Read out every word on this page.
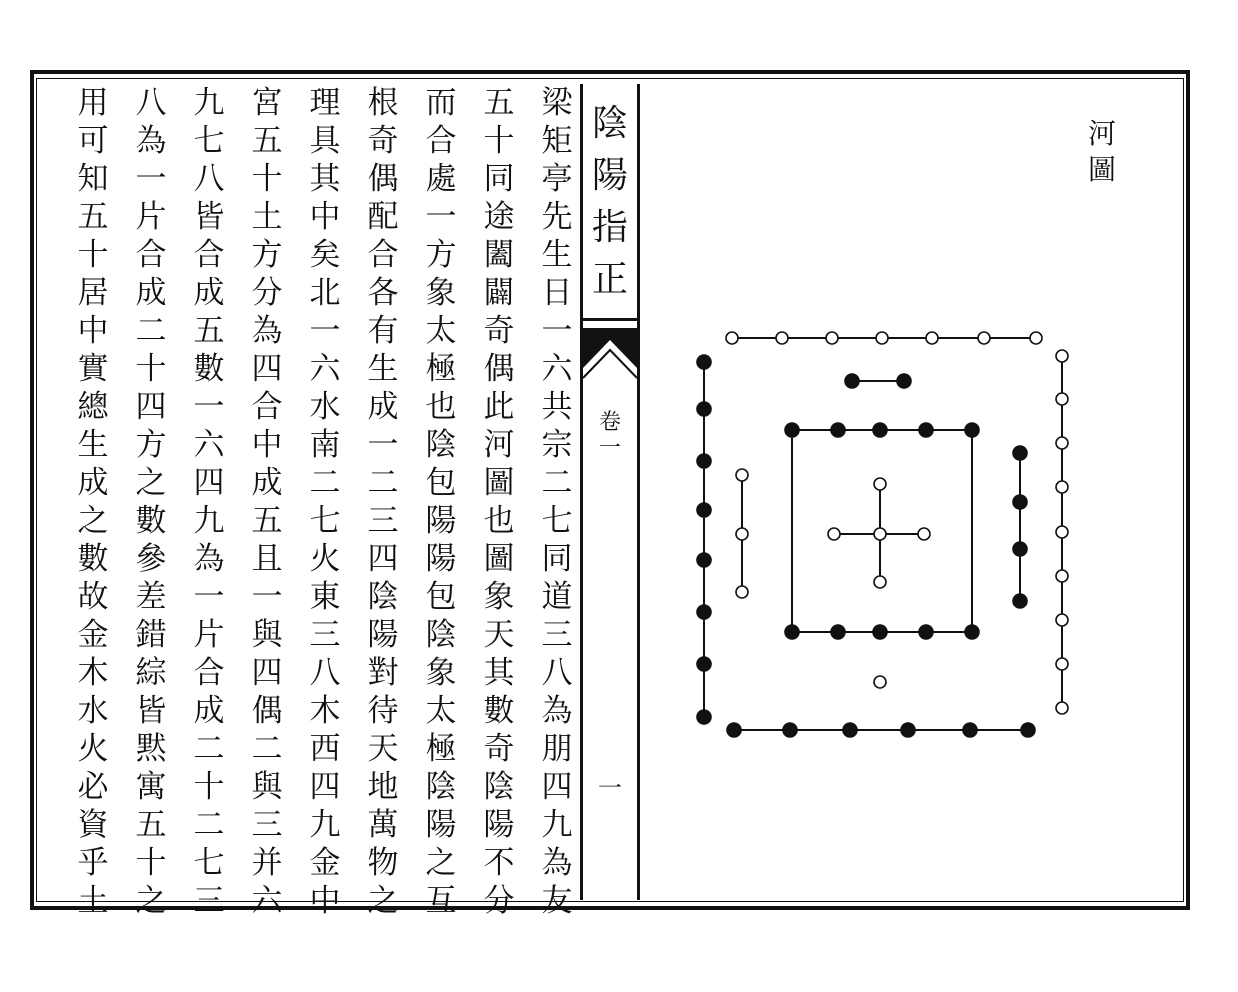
梁
矩
亭
先
生
日
一
六
共
宗
二
七
同
道
三
八
為
朋
四
九
為
友
五
十
同
途
闔
闢
奇
偶
此
河
圖
也
圖
象
天
其
數
奇
陰
陽
不
分
而
合
處
一
方
象
太
極
也
陰
包
陽
陽
包
陰
象
太
極
陰
陽
之
互
根
奇
偶
配
合
各
有
生
成
一
二
三
四
陰
陽
對
待
天
地
萬
物
之
理
具
其
中
矣
北
一
六
水
南
二
七
火
東
三
八
木
西
四
九
金
中
宮
五
十
土
方
分
為
四
合
中
成
五
且
一
與
四
偶
二
與
三
并
六
九
七
八
皆
合
成
五
數
一
六
四
九
為
一
片
合
成
二
十
二
七
三
八
為
一
片
合
成
二
十
四
方
之
數
參
差
錯
綜
皆
黙
寓
五
十
之
用
可
知
五
十
居
中
實
總
生
成
之
數
故
金
木
水
火
必
資
乎
土
陰
陽
指
正
卷
一
一
河
圖
